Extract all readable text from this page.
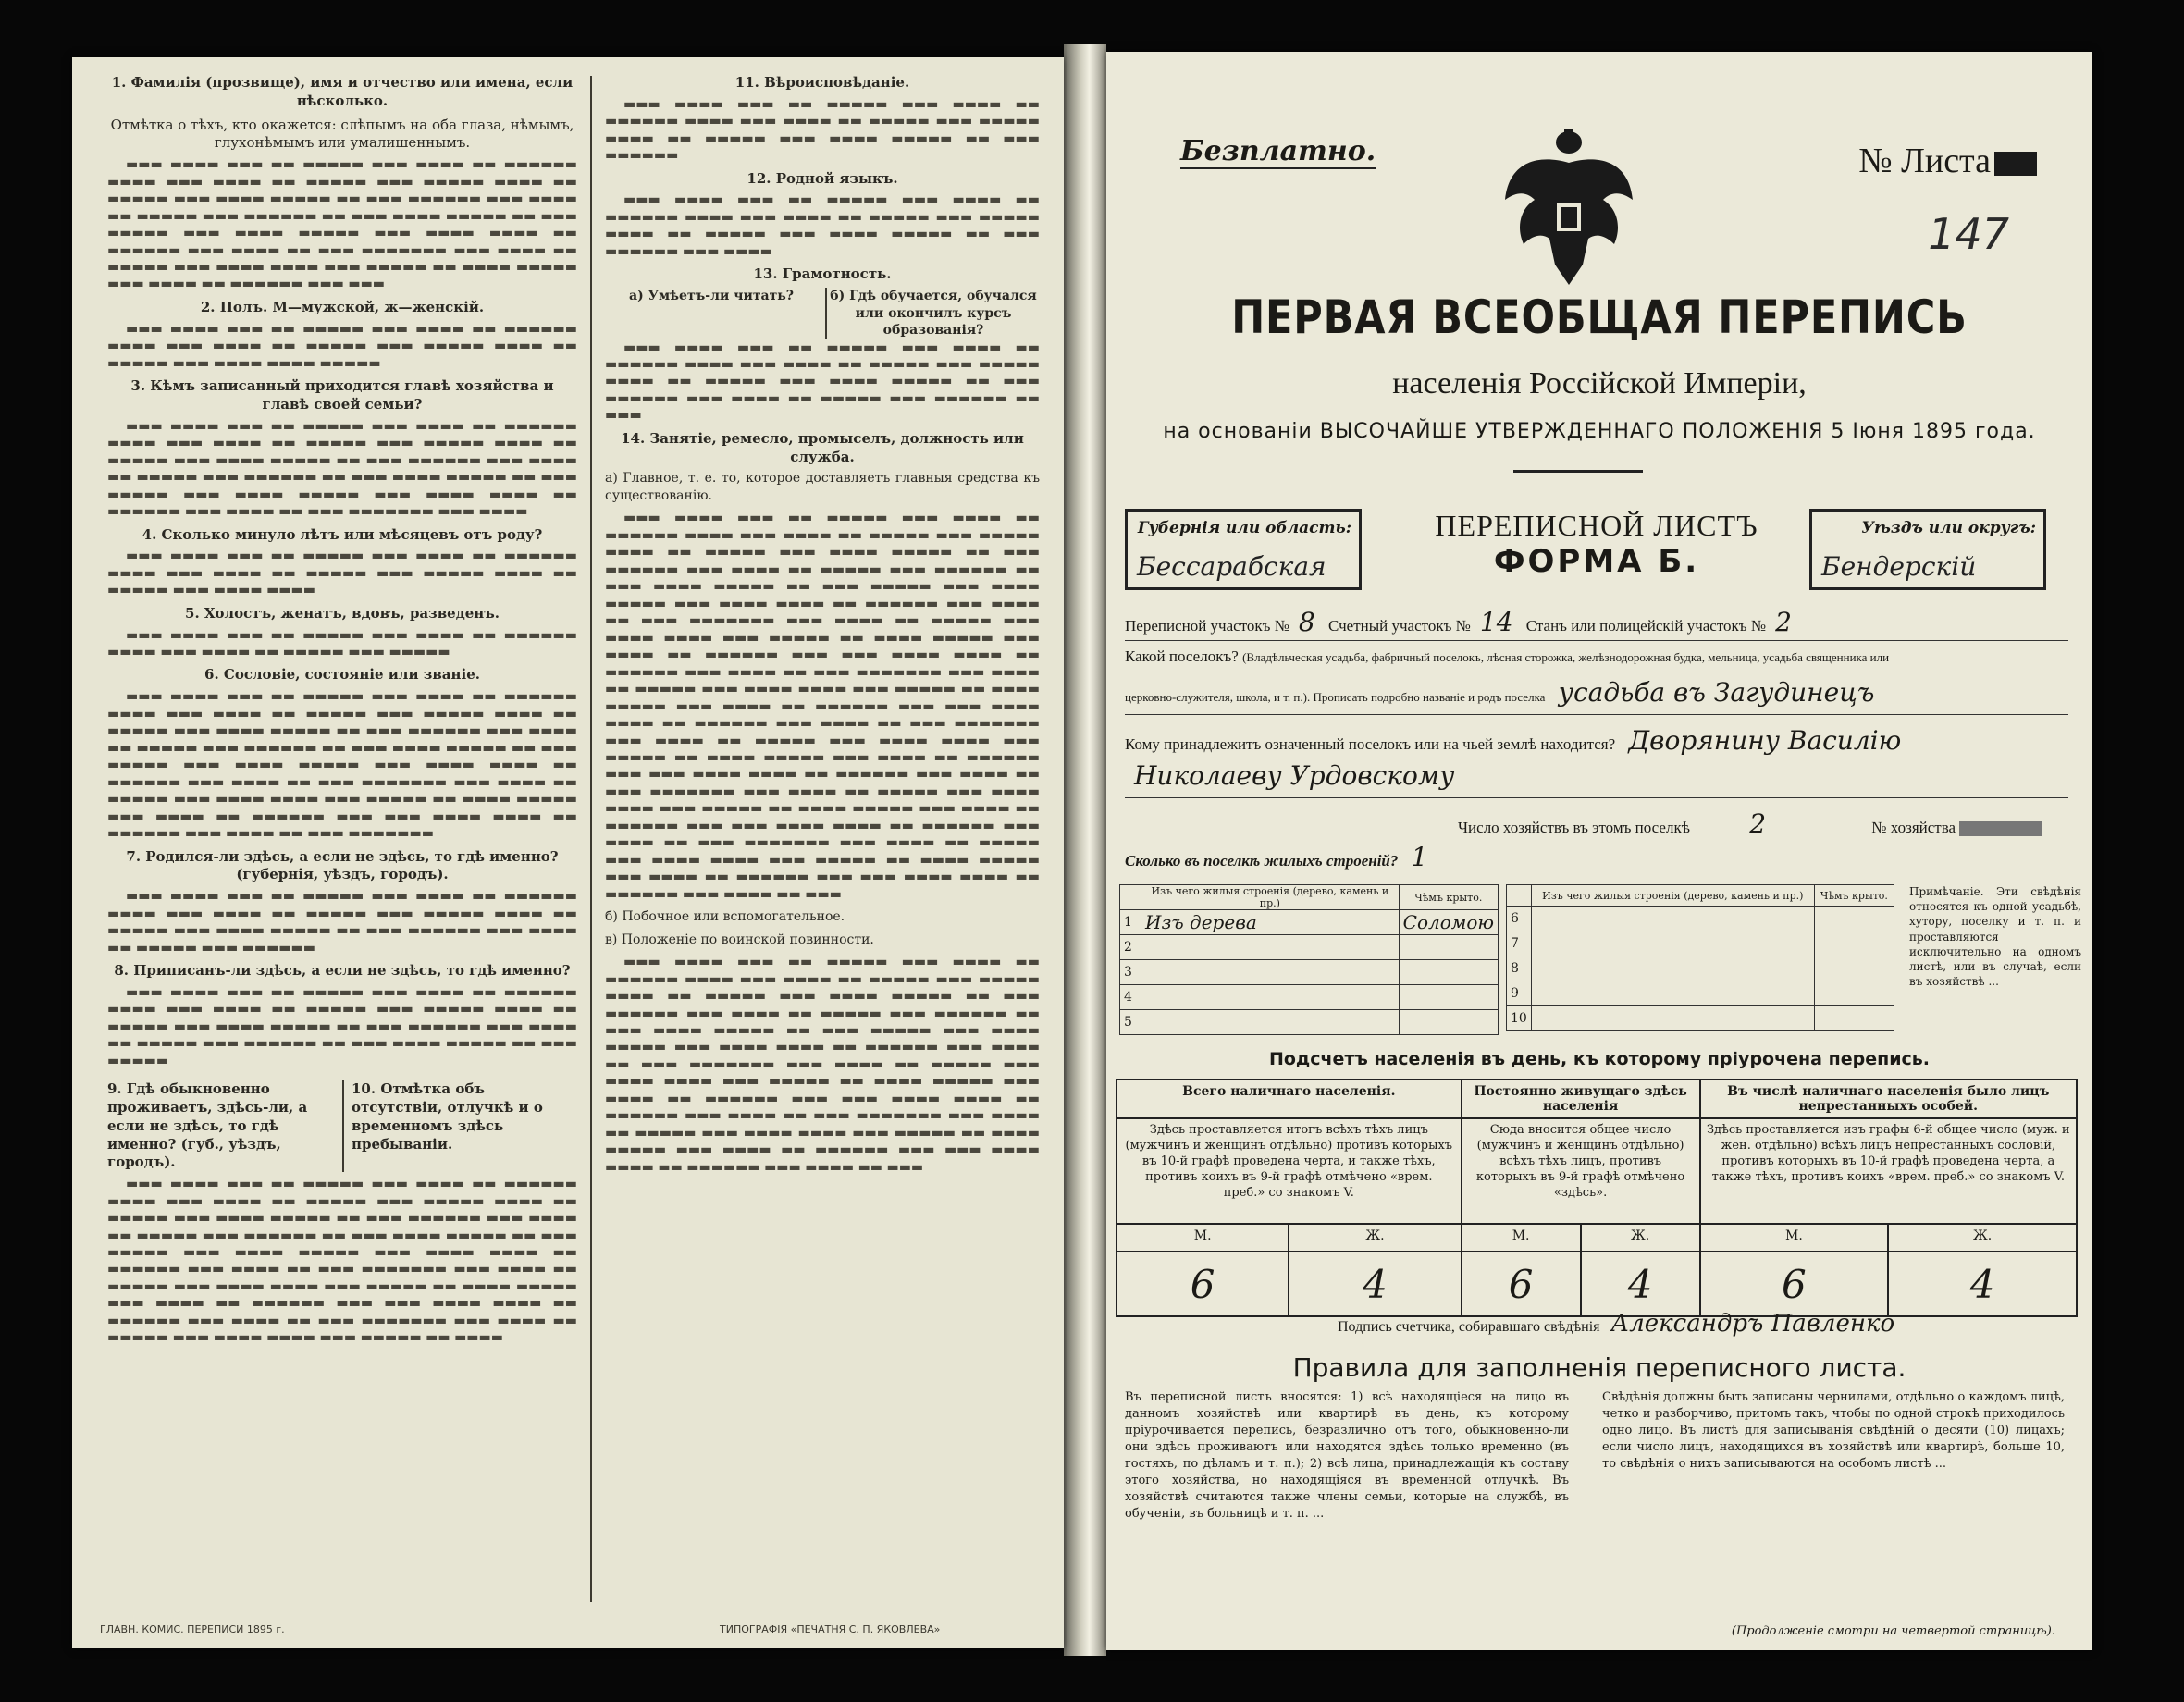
1. Фамилія (прозвище), имя и отчество или имена, если нѣсколько.
Отмѣтка о тѣхъ, кто окажется: слѣпымъ на оба глаза, нѣмымъ, глухонѣмымъ или умалишеннымъ.

▬▬▬ ▬▬▬▬ ▬▬▬ ▬▬ ▬▬▬▬▬ ▬▬▬ ▬▬▬▬ ▬▬ ▬▬▬▬▬▬ ▬▬▬▬ ▬▬▬ ▬▬▬▬ ▬▬ ▬▬▬▬▬ ▬▬▬ ▬▬▬▬▬ ▬▬▬▬ ▬▬ ▬▬▬▬▬ ▬▬▬ ▬▬▬▬ ▬▬▬▬▬ ▬▬ ▬▬▬ ▬▬▬▬▬▬ ▬▬▬ ▬▬▬▬ ▬▬ ▬▬▬▬▬ ▬▬▬ ▬▬▬▬▬▬ ▬▬ ▬▬▬ ▬▬▬▬ ▬▬▬▬▬ ▬▬ ▬▬▬ ▬▬▬▬▬ ▬▬▬ ▬▬▬▬ ▬▬▬▬▬ ▬▬▬ ▬▬▬▬ ▬▬▬▬ ▬▬ ▬▬▬▬▬▬ ▬▬▬ ▬▬▬▬ ▬▬ ▬▬▬ ▬▬▬▬▬▬▬ ▬▬▬ ▬▬▬▬ ▬▬ ▬▬▬▬▬ ▬▬▬ ▬▬▬▬ ▬▬▬▬ ▬▬▬ ▬▬▬▬▬ ▬▬ ▬▬▬▬ ▬▬▬▬▬ ▬▬▬ ▬▬▬▬ ▬▬ ▬▬▬▬▬▬ ▬▬▬ ▬▬▬

2. Полъ. М—мужской, ж—женскій.

▬▬▬ ▬▬▬▬ ▬▬▬ ▬▬ ▬▬▬▬▬ ▬▬▬ ▬▬▬▬ ▬▬ ▬▬▬▬▬▬ ▬▬▬▬ ▬▬▬ ▬▬▬▬ ▬▬ ▬▬▬▬▬ ▬▬▬ ▬▬▬▬▬ ▬▬▬▬ ▬▬ ▬▬▬▬▬ ▬▬▬ ▬▬▬▬ ▬▬▬▬ ▬▬▬▬▬

3. Кѣмъ записанный приходится главѣ хозяйства и главѣ своей семьи?

▬▬▬ ▬▬▬▬ ▬▬▬ ▬▬ ▬▬▬▬▬ ▬▬▬ ▬▬▬▬ ▬▬ ▬▬▬▬▬▬ ▬▬▬▬ ▬▬▬ ▬▬▬▬ ▬▬ ▬▬▬▬▬ ▬▬▬ ▬▬▬▬▬ ▬▬▬▬ ▬▬ ▬▬▬▬▬ ▬▬▬ ▬▬▬▬ ▬▬▬▬▬ ▬▬ ▬▬▬ ▬▬▬▬▬▬ ▬▬▬ ▬▬▬▬ ▬▬ ▬▬▬▬▬ ▬▬▬ ▬▬▬▬▬▬ ▬▬ ▬▬▬ ▬▬▬▬ ▬▬▬▬▬ ▬▬ ▬▬▬ ▬▬▬▬▬ ▬▬▬ ▬▬▬▬ ▬▬▬▬▬ ▬▬▬ ▬▬▬▬ ▬▬▬▬ ▬▬ ▬▬▬▬▬▬ ▬▬▬ ▬▬▬▬ ▬▬ ▬▬▬ ▬▬▬▬▬▬▬ ▬▬▬ ▬▬▬▬

4. Сколько минуло лѣтъ или мѣсяцевъ отъ роду?

▬▬▬ ▬▬▬▬ ▬▬▬ ▬▬ ▬▬▬▬▬ ▬▬▬ ▬▬▬▬ ▬▬ ▬▬▬▬▬▬ ▬▬▬▬ ▬▬▬ ▬▬▬▬ ▬▬ ▬▬▬▬▬ ▬▬▬ ▬▬▬▬▬ ▬▬▬▬ ▬▬ ▬▬▬▬▬ ▬▬▬ ▬▬▬▬ ▬▬▬▬

5. Холостъ, женатъ, вдовъ, разведенъ.

▬▬▬ ▬▬▬▬ ▬▬▬ ▬▬ ▬▬▬▬▬ ▬▬▬ ▬▬▬▬ ▬▬ ▬▬▬▬▬▬ ▬▬▬▬ ▬▬▬ ▬▬▬▬ ▬▬ ▬▬▬▬▬ ▬▬▬ ▬▬▬▬▬

6. Сословіе, состояніе или званіе.

▬▬▬ ▬▬▬▬ ▬▬▬ ▬▬ ▬▬▬▬▬ ▬▬▬ ▬▬▬▬ ▬▬ ▬▬▬▬▬▬ ▬▬▬▬ ▬▬▬ ▬▬▬▬ ▬▬ ▬▬▬▬▬ ▬▬▬ ▬▬▬▬▬ ▬▬▬▬ ▬▬ ▬▬▬▬▬ ▬▬▬ ▬▬▬▬ ▬▬▬▬▬ ▬▬ ▬▬▬ ▬▬▬▬▬▬ ▬▬▬ ▬▬▬▬ ▬▬ ▬▬▬▬▬ ▬▬▬ ▬▬▬▬▬▬ ▬▬ ▬▬▬ ▬▬▬▬ ▬▬▬▬▬ ▬▬ ▬▬▬ ▬▬▬▬▬ ▬▬▬ ▬▬▬▬ ▬▬▬▬▬ ▬▬▬ ▬▬▬▬ ▬▬▬▬ ▬▬ ▬▬▬▬▬▬ ▬▬▬ ▬▬▬▬ ▬▬ ▬▬▬ ▬▬▬▬▬▬▬ ▬▬▬ ▬▬▬▬ ▬▬ ▬▬▬▬▬ ▬▬▬ ▬▬▬▬ ▬▬▬▬ ▬▬▬ ▬▬▬▬▬ ▬▬ ▬▬▬▬ ▬▬▬▬▬ ▬▬▬ ▬▬▬▬ ▬▬ ▬▬▬▬▬▬ ▬▬▬ ▬▬▬ ▬▬▬▬ ▬▬▬▬ ▬▬ ▬▬▬▬▬▬ ▬▬▬ ▬▬▬▬ ▬▬ ▬▬▬ ▬▬▬▬▬▬▬

7. Родился-ли здѣсь, а если не здѣсь, то гдѣ именно? (губернія, уѣздъ, городъ).

▬▬▬ ▬▬▬▬ ▬▬▬ ▬▬ ▬▬▬▬▬ ▬▬▬ ▬▬▬▬ ▬▬ ▬▬▬▬▬▬ ▬▬▬▬ ▬▬▬ ▬▬▬▬ ▬▬ ▬▬▬▬▬ ▬▬▬ ▬▬▬▬▬ ▬▬▬▬ ▬▬ ▬▬▬▬▬ ▬▬▬ ▬▬▬▬ ▬▬▬▬▬ ▬▬ ▬▬▬ ▬▬▬▬▬▬ ▬▬▬ ▬▬▬▬ ▬▬ ▬▬▬▬▬ ▬▬▬ ▬▬▬▬▬▬

8. Приписанъ-ли здѣсь, а если не здѣсь, то гдѣ именно?

▬▬▬ ▬▬▬▬ ▬▬▬ ▬▬ ▬▬▬▬▬ ▬▬▬ ▬▬▬▬ ▬▬ ▬▬▬▬▬▬ ▬▬▬▬ ▬▬▬ ▬▬▬▬ ▬▬ ▬▬▬▬▬ ▬▬▬ ▬▬▬▬▬ ▬▬▬▬ ▬▬ ▬▬▬▬▬ ▬▬▬ ▬▬▬▬ ▬▬▬▬▬ ▬▬ ▬▬▬ ▬▬▬▬▬▬ ▬▬▬ ▬▬▬▬ ▬▬ ▬▬▬▬▬ ▬▬▬ ▬▬▬▬▬▬ ▬▬ ▬▬▬ ▬▬▬▬ ▬▬▬▬▬ ▬▬ ▬▬▬ ▬▬▬▬▬

9. Гдѣ обыкновенно проживаетъ, здѣсь-ли, а если не здѣсь, то гдѣ именно? (губ., уѣздъ, городъ).
10. Отмѣтка объ отсутствіи, отлучкѣ и о временномъ здѣсь пребываніи.

▬▬▬ ▬▬▬▬ ▬▬▬ ▬▬ ▬▬▬▬▬ ▬▬▬ ▬▬▬▬ ▬▬ ▬▬▬▬▬▬ ▬▬▬▬ ▬▬▬ ▬▬▬▬ ▬▬ ▬▬▬▬▬ ▬▬▬ ▬▬▬▬▬ ▬▬▬▬ ▬▬ ▬▬▬▬▬ ▬▬▬ ▬▬▬▬ ▬▬▬▬▬ ▬▬ ▬▬▬ ▬▬▬▬▬▬ ▬▬▬ ▬▬▬▬ ▬▬ ▬▬▬▬▬ ▬▬▬ ▬▬▬▬▬▬ ▬▬ ▬▬▬ ▬▬▬▬ ▬▬▬▬▬ ▬▬ ▬▬▬ ▬▬▬▬▬ ▬▬▬ ▬▬▬▬ ▬▬▬▬▬ ▬▬▬ ▬▬▬▬ ▬▬▬▬ ▬▬ ▬▬▬▬▬▬ ▬▬▬ ▬▬▬▬ ▬▬ ▬▬▬ ▬▬▬▬▬▬▬ ▬▬▬ ▬▬▬▬ ▬▬ ▬▬▬▬▬ ▬▬▬ ▬▬▬▬ ▬▬▬▬ ▬▬▬ ▬▬▬▬▬ ▬▬ ▬▬▬▬ ▬▬▬▬▬ ▬▬▬ ▬▬▬▬ ▬▬ ▬▬▬▬▬▬ ▬▬▬ ▬▬▬ ▬▬▬▬ ▬▬▬▬ ▬▬ ▬▬▬▬▬▬ ▬▬▬ ▬▬▬▬ ▬▬ ▬▬▬ ▬▬▬▬▬▬▬ ▬▬▬ ▬▬▬▬ ▬▬ ▬▬▬▬▬ ▬▬▬ ▬▬▬▬ ▬▬▬▬ ▬▬▬ ▬▬▬▬▬ ▬▬ ▬▬▬▬

11. Вѣроисповѣданіе.

▬▬▬ ▬▬▬▬ ▬▬▬ ▬▬ ▬▬▬▬▬ ▬▬▬ ▬▬▬▬ ▬▬ ▬▬▬▬▬▬ ▬▬▬▬ ▬▬▬ ▬▬▬▬ ▬▬ ▬▬▬▬▬ ▬▬▬ ▬▬▬▬▬ ▬▬▬▬ ▬▬ ▬▬▬▬▬ ▬▬▬ ▬▬▬▬ ▬▬▬▬▬ ▬▬ ▬▬▬ ▬▬▬▬▬▬

12. Родной языкъ.

▬▬▬ ▬▬▬▬ ▬▬▬ ▬▬ ▬▬▬▬▬ ▬▬▬ ▬▬▬▬ ▬▬ ▬▬▬▬▬▬ ▬▬▬▬ ▬▬▬ ▬▬▬▬ ▬▬ ▬▬▬▬▬ ▬▬▬ ▬▬▬▬▬ ▬▬▬▬ ▬▬ ▬▬▬▬▬ ▬▬▬ ▬▬▬▬ ▬▬▬▬▬ ▬▬ ▬▬▬ ▬▬▬▬▬▬ ▬▬▬ ▬▬▬▬

13. Грамотность.
а) Умѣетъ-ли читать?	б) Гдѣ обучается, обучался или окончилъ курсъ образованія?

▬▬▬ ▬▬▬▬ ▬▬▬ ▬▬ ▬▬▬▬▬ ▬▬▬ ▬▬▬▬ ▬▬ ▬▬▬▬▬▬ ▬▬▬▬ ▬▬▬ ▬▬▬▬ ▬▬ ▬▬▬▬▬ ▬▬▬ ▬▬▬▬▬ ▬▬▬▬ ▬▬ ▬▬▬▬▬ ▬▬▬ ▬▬▬▬ ▬▬▬▬▬ ▬▬ ▬▬▬ ▬▬▬▬▬▬ ▬▬▬ ▬▬▬▬ ▬▬ ▬▬▬▬▬ ▬▬▬ ▬▬▬▬▬▬ ▬▬ ▬▬▬

14. Занятіе, ремесло, промыселъ, должность или служба.

а) Главное, т. е. то, которое доставляетъ главныя средства къ существованію.

▬▬▬ ▬▬▬▬ ▬▬▬ ▬▬ ▬▬▬▬▬ ▬▬▬ ▬▬▬▬ ▬▬ ▬▬▬▬▬▬ ▬▬▬▬ ▬▬▬ ▬▬▬▬ ▬▬ ▬▬▬▬▬ ▬▬▬ ▬▬▬▬▬ ▬▬▬▬ ▬▬ ▬▬▬▬▬ ▬▬▬ ▬▬▬▬ ▬▬▬▬▬ ▬▬ ▬▬▬ ▬▬▬▬▬▬ ▬▬▬ ▬▬▬▬ ▬▬ ▬▬▬▬▬ ▬▬▬ ▬▬▬▬▬▬ ▬▬ ▬▬▬ ▬▬▬▬ ▬▬▬▬▬ ▬▬ ▬▬▬ ▬▬▬▬▬ ▬▬▬ ▬▬▬▬ ▬▬▬▬▬ ▬▬▬ ▬▬▬▬ ▬▬▬▬ ▬▬ ▬▬▬▬▬▬ ▬▬▬ ▬▬▬▬ ▬▬ ▬▬▬ ▬▬▬▬▬▬▬ ▬▬▬ ▬▬▬▬ ▬▬ ▬▬▬▬▬ ▬▬▬ ▬▬▬▬ ▬▬▬▬ ▬▬▬ ▬▬▬▬▬ ▬▬ ▬▬▬▬ ▬▬▬▬▬ ▬▬▬ ▬▬▬▬ ▬▬ ▬▬▬▬▬▬ ▬▬▬ ▬▬▬ ▬▬▬▬ ▬▬▬▬ ▬▬ ▬▬▬▬▬▬ ▬▬▬ ▬▬▬▬ ▬▬ ▬▬▬ ▬▬▬▬▬▬▬ ▬▬▬ ▬▬▬▬ ▬▬ ▬▬▬▬▬ ▬▬▬ ▬▬▬▬ ▬▬▬▬ ▬▬▬ ▬▬▬▬▬ ▬▬ ▬▬▬▬ ▬▬▬▬▬ ▬▬▬ ▬▬▬▬ ▬▬ ▬▬▬▬▬▬ ▬▬▬ ▬▬▬ ▬▬▬▬ ▬▬▬▬ ▬▬ ▬▬▬▬▬▬ ▬▬▬ ▬▬▬▬ ▬▬ ▬▬▬ ▬▬▬▬▬▬▬ ▬▬▬ ▬▬▬▬ ▬▬ ▬▬▬▬▬ ▬▬▬ ▬▬▬▬ ▬▬▬▬ ▬▬▬ ▬▬▬▬▬ ▬▬ ▬▬▬▬ ▬▬▬▬▬ ▬▬▬ ▬▬▬▬ ▬▬ ▬▬▬▬▬▬ ▬▬▬ ▬▬▬ ▬▬▬▬ ▬▬▬▬ ▬▬ ▬▬▬▬▬▬ ▬▬▬ ▬▬▬▬ ▬▬ ▬▬▬ ▬▬▬▬▬▬▬ ▬▬▬ ▬▬▬▬ ▬▬ ▬▬▬▬▬ ▬▬▬ ▬▬▬▬ ▬▬▬▬ ▬▬▬ ▬▬▬▬▬ ▬▬ ▬▬▬▬ ▬▬▬▬▬ ▬▬▬ ▬▬▬▬ ▬▬ ▬▬▬▬▬▬ ▬▬▬ ▬▬▬ ▬▬▬▬ ▬▬▬▬ ▬▬ ▬▬▬▬▬▬ ▬▬▬ ▬▬▬▬ ▬▬ ▬▬▬ ▬▬▬▬▬▬▬ ▬▬▬ ▬▬▬▬ ▬▬ ▬▬▬▬▬ ▬▬▬ ▬▬▬▬ ▬▬▬▬ ▬▬▬ ▬▬▬▬▬ ▬▬ ▬▬▬▬ ▬▬▬▬▬ ▬▬▬ ▬▬▬▬ ▬▬ ▬▬▬▬▬▬ ▬▬▬ ▬▬▬ ▬▬▬▬ ▬▬▬▬ ▬▬ ▬▬▬▬▬▬ ▬▬▬ ▬▬▬▬ ▬▬ ▬▬▬

б) Побочное или вспомогательное.

в) Положеніе по воинской повинности.

▬▬▬ ▬▬▬▬ ▬▬▬ ▬▬ ▬▬▬▬▬ ▬▬▬ ▬▬▬▬ ▬▬ ▬▬▬▬▬▬ ▬▬▬▬ ▬▬▬ ▬▬▬▬ ▬▬ ▬▬▬▬▬ ▬▬▬ ▬▬▬▬▬ ▬▬▬▬ ▬▬ ▬▬▬▬▬ ▬▬▬ ▬▬▬▬ ▬▬▬▬▬ ▬▬ ▬▬▬ ▬▬▬▬▬▬ ▬▬▬ ▬▬▬▬ ▬▬ ▬▬▬▬▬ ▬▬▬ ▬▬▬▬▬▬ ▬▬ ▬▬▬ ▬▬▬▬ ▬▬▬▬▬ ▬▬ ▬▬▬ ▬▬▬▬▬ ▬▬▬ ▬▬▬▬ ▬▬▬▬▬ ▬▬▬ ▬▬▬▬ ▬▬▬▬ ▬▬ ▬▬▬▬▬▬ ▬▬▬ ▬▬▬▬ ▬▬ ▬▬▬ ▬▬▬▬▬▬▬ ▬▬▬ ▬▬▬▬ ▬▬ ▬▬▬▬▬ ▬▬▬ ▬▬▬▬ ▬▬▬▬ ▬▬▬ ▬▬▬▬▬ ▬▬ ▬▬▬▬ ▬▬▬▬▬ ▬▬▬ ▬▬▬▬ ▬▬ ▬▬▬▬▬▬ ▬▬▬ ▬▬▬ ▬▬▬▬ ▬▬▬▬ ▬▬ ▬▬▬▬▬▬ ▬▬▬ ▬▬▬▬ ▬▬ ▬▬▬ ▬▬▬▬▬▬▬ ▬▬▬ ▬▬▬▬ ▬▬ ▬▬▬▬▬ ▬▬▬ ▬▬▬▬ ▬▬▬▬ ▬▬▬ ▬▬▬▬▬ ▬▬ ▬▬▬▬ ▬▬▬▬▬ ▬▬▬ ▬▬▬▬ ▬▬ ▬▬▬▬▬▬ ▬▬▬ ▬▬▬ ▬▬▬▬ ▬▬▬▬ ▬▬ ▬▬▬▬▬▬ ▬▬▬ ▬▬▬▬ ▬▬ ▬▬▬

ГЛАВН. КОМИС. ПЕРЕПИСИ 1895 г.	ТИПОГРАФІЯ «ПЕЧАТНЯ С. П. ЯКОВЛЕВА»
Безплатно.	№ Листа
147
ПЕРВАЯ ВСЕОБЩАЯ ПЕРЕПИСЬ
населенія Россійской Имперіи,
на основаніи ВЫСОЧАЙШЕ УТВЕРЖДЕННАГО ПОЛОЖЕНІЯ 5 Іюня 1895 года.
Губернія или область:
Бессарабская
ПЕРЕПИСНОЙ ЛИСТЪ
ФОРМА Б.
Уѣздъ или округъ:
Бендерскій
Переписной участокъ № 8 Счетный участокъ № 14 Станъ или полицейскій участокъ № 2
Какой поселокъ? (Владѣльческая усадьба, фабричный поселокъ, лѣсная сторожка, желѣзнодорожная будка, мельница, усадьба священника или
церковно-служителя, школа, и т. п.). Прописать подробно названіе и родъ поселка усадьба въ Загудинецъ
Кому принадлежитъ означенный поселокъ или на чьей землѣ находится? Дворянину Василію
Николаеву Урдовскому
Число хозяйствъ въ этомъ поселкѣ 2	№ хозяйства
Сколько въ поселкѣ жилыхъ строеній? 1
	Изъ чего жилыя строенія (дерево, камень и пр.)	Чѣмъ крыто.
1	Изъ дерева	Соломою
2		
3		
4		
5		
	Изъ чего жилыя строенія (дерево, камень и пр.)	Чѣмъ крыто.
6		
7		
8		
9		
10		
Примѣчаніе. Эти свѣдѣнія относятся къ одной усадьбѣ, хутору, поселку и т. п. и проставляются исключительно на одномъ листѣ, или въ случаѣ, если въ хозяйствѣ ...
Подсчетъ населенія въ день, къ которому пріурочена перепись.
Всего наличнаго населенія.		Постоянно живущаго здѣсь населенія		Въ числѣ наличнаго населенія было лицъ непрестанныхъ особей.	
Здѣсь проставляется итогъ всѣхъ тѣхъ лицъ (мужчинъ и женщинъ отдѣльно) противъ которыхъ въ 10-й графѣ проведена черта, и также тѣхъ, противъ коихъ въ 9-й графѣ отмѣчено «врем. преб.» со знакомъ V.		Сюда вносится общее число (мужчинъ и женщинъ отдѣльно) всѣхъ тѣхъ лицъ, противъ которыхъ въ 9-й графѣ отмѣчено «здѣсь».		Здѣсь проставляется изъ графы 6-й общее число (муж. и жен. отдѣльно) всѣхъ лицъ непрестанныхъ сословій, противъ которыхъ въ 10-й графѣ проведена черта, а также тѣхъ, противъ коихъ «врем. преб.» со знакомъ V.	
М.	Ж.	М.	Ж.	М.	Ж.
6	4	6	4	6	4
Подпись счетчика, собиравшаго свѣдѣнія Александръ Павленко
Правила для заполненія переписного листа.
Въ переписной листъ вносятся: 1) всѣ находящіеся на лицо въ данномъ хозяйствѣ или квартирѣ въ день, къ которому пріурочивается перепись, безразлично отъ того, обыкновенно-ли они здѣсь проживаютъ или находятся здѣсь только временно (въ гостяхъ, по дѣламъ и т. п.); 2) всѣ лица, принадлежащія къ составу этого хозяйства, но находящіяся въ временной отлучкѣ. Въ хозяйствѣ считаются также члены семьи, которые на службѣ, въ обученіи, въ больницѣ и т. п. ...
Свѣдѣнія должны быть записаны чернилами, отдѣльно о каждомъ лицѣ, четко и разборчиво, притомъ такъ, чтобы по одной строкѣ приходилось одно лицо. Въ листѣ для записыванія свѣдѣній о десяти (10) лицахъ; если число лицъ, находящихся въ хозяйствѣ или квартирѣ, больше 10, то свѣдѣнія о нихъ записываются на особомъ листѣ ...
(Продолженіе смотри на четвертой страницѣ).
